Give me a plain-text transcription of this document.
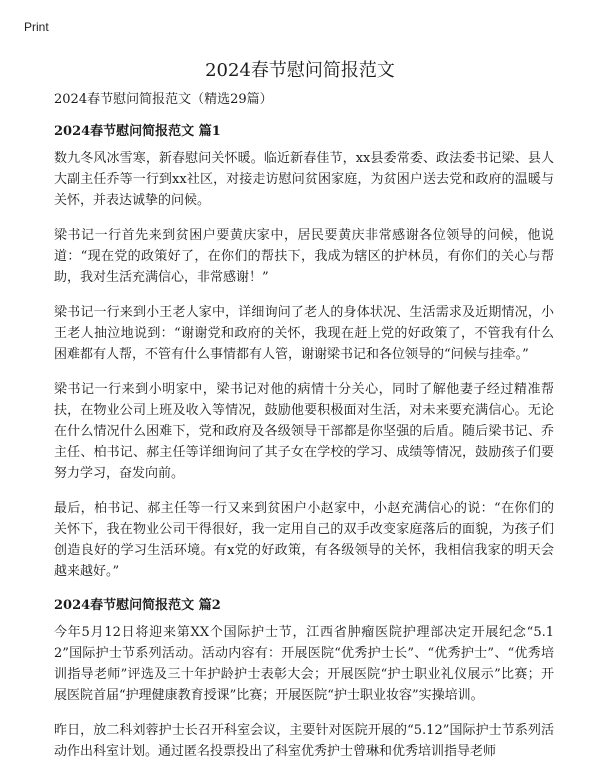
Print
2024春节慰问简报范文

2024春节慰问简报范文（精选29篇）

2024春节慰问简报范文 篇1

数九冬风冰雪寒，新春慰问关怀暖。临近新春佳节，xx县委常委、政法委书记梁、县人大副主任乔等一行到xx社区，对接走访慰问贫困家庭，为贫困户送去党和政府的温暖与关怀，并表达诚挚的问候。

梁书记一行首先来到贫困户要黄庆家中，居民要黄庆非常感谢各位领导的问候，他说道：“现在党的政策好了，在你们的帮扶下，我成为辖区的护林员，有你们的关心与帮助，我对生活充满信心，非常感谢！”

梁书记一行来到小王老人家中，详细询问了老人的身体状况、生活需求及近期情况，小王老人抽泣地说到：“谢谢党和政府的关怀，我现在赶上党的好政策了，不管我有什么困难都有人帮，不管有什么事情都有人管，谢谢梁书记和各位领导的“问候与挂牵。”

梁书记一行来到小明家中，梁书记对他的病情十分关心，同时了解他妻子经过精准帮扶，在物业公司上班及收入等情况，鼓励他要积极面对生活，对未来要充满信心。无论在什么情况什么困难下，党和政府及各级领导干部都是你坚强的后盾。随后梁书记、乔主任、柏书记、郝主任等详细询问了其子女在学校的学习、成绩等情况，鼓励孩子们要努力学习，奋发向前。

最后，柏书记、郝主任等一行又来到贫困户小赵家中，小赵充满信心的说：“在你们的关怀下，我在物业公司干得很好，我一定用自己的双手改变家庭落后的面貌，为孩子们创造良好的学习生活环境。有x党的好政策，有各级领导的关怀，我相信我家的明天会越来越好。”

2024春节慰问简报范文 篇2

今年5月12日将迎来第XX个国际护士节，江西省肿瘤医院护理部决定开展纪念“5.12”国际护士节系列活动。活动内容有：开展医院“优秀护士长”、“优秀护士”、“优秀培训指导老师”评选及三十年护龄护士表彰大会；开展医院“护士职业礼仪展示”比赛；开展医院首届“护理健康教育授课”比赛；开展医院“护士职业妆容”实操培训。

昨日，放二科刘蓉护士长召开科室会议，主要针对医院开展的“5.12”国际护士节系列活动作出科室计划。通过匿名投票投出了科室优秀护士曾琳和优秀培训指导老师
